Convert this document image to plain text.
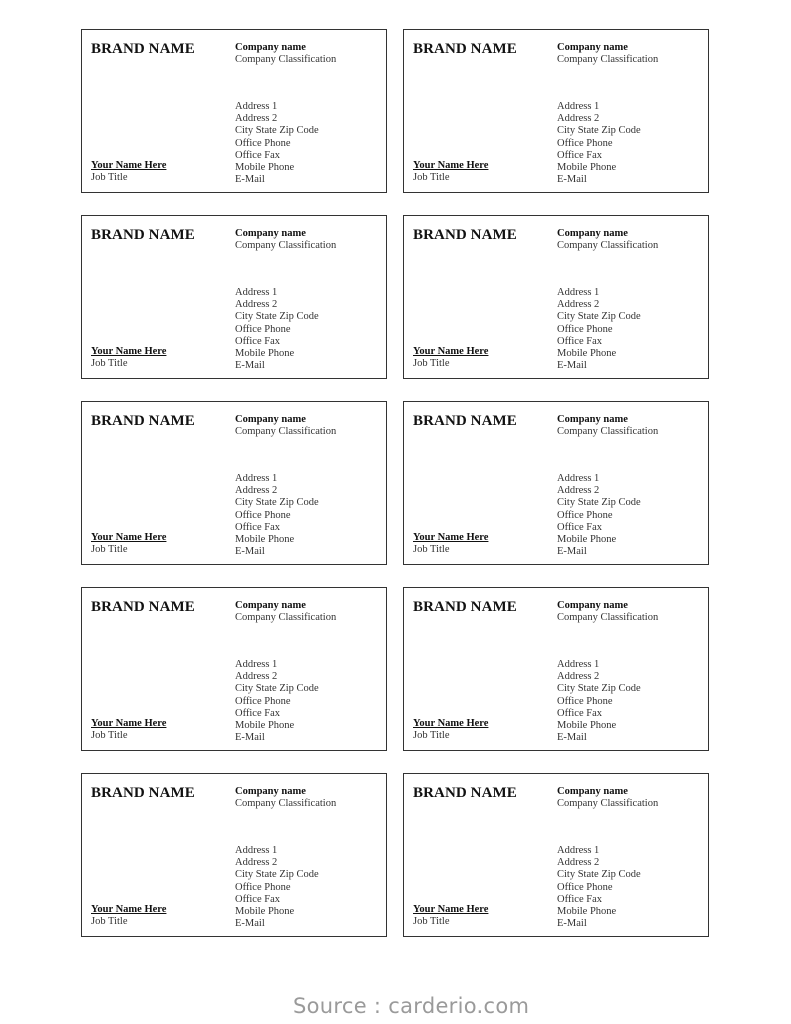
BRAND NAME	Company name
Company Classification
Address 1
Address 2
City State Zip Code
Office Phone
Office Fax
Mobile Phone
E-Mail
Your Name Here
Job Title
BRAND NAME	Company name
Company Classification
Address 1
Address 2
City State Zip Code
Office Phone
Office Fax
Mobile Phone
E-Mail
Your Name Here
Job Title
BRAND NAME	Company name
Company Classification
Address 1
Address 2
City State Zip Code
Office Phone
Office Fax
Mobile Phone
E-Mail
Your Name Here
Job Title
BRAND NAME	Company name
Company Classification
Address 1
Address 2
City State Zip Code
Office Phone
Office Fax
Mobile Phone
E-Mail
Your Name Here
Job Title
BRAND NAME	Company name
Company Classification
Address 1
Address 2
City State Zip Code
Office Phone
Office Fax
Mobile Phone
E-Mail
Your Name Here
Job Title
BRAND NAME	Company name
Company Classification
Address 1
Address 2
City State Zip Code
Office Phone
Office Fax
Mobile Phone
E-Mail
Your Name Here
Job Title
BRAND NAME	Company name
Company Classification
Address 1
Address 2
City State Zip Code
Office Phone
Office Fax
Mobile Phone
E-Mail
Your Name Here
Job Title
BRAND NAME	Company name
Company Classification
Address 1
Address 2
City State Zip Code
Office Phone
Office Fax
Mobile Phone
E-Mail
Your Name Here
Job Title
BRAND NAME	Company name
Company Classification
Address 1
Address 2
City State Zip Code
Office Phone
Office Fax
Mobile Phone
E-Mail
Your Name Here
Job Title
BRAND NAME	Company name
Company Classification
Address 1
Address 2
City State Zip Code
Office Phone
Office Fax
Mobile Phone
E-Mail
Your Name Here
Job Title
Source : carderio.com
